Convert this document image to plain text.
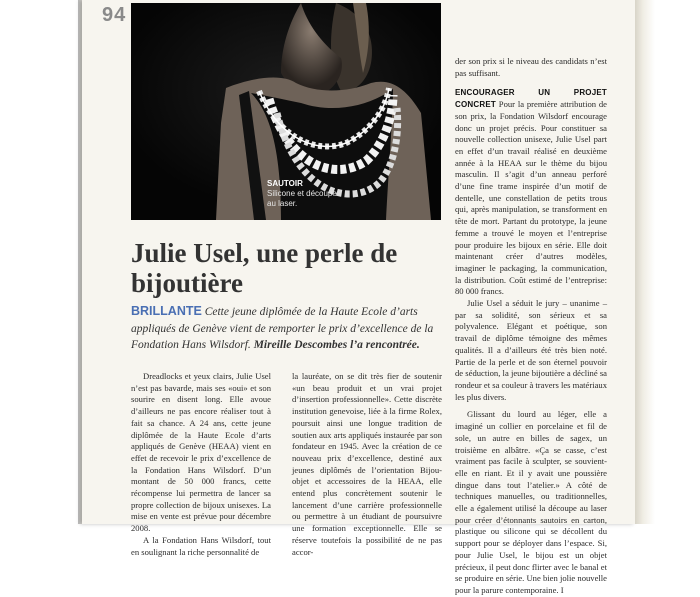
94
SAUTOIR
Silicone et découpe au laser.
Julie Usel, une perle de bijoutière
BRILLANTE Cette jeune diplômée de la Haute Ecole d’arts appliqués de Genève vient de remporter le prix d’excellence de la Fondation Hans Wilsdorf. Mireille Descombes l’a rencontrée.

Dreadlocks et yeux clairs, Julie Usel n’est pas bavarde, mais ses «oui» et son sourire en disent long. Elle avoue d’ailleurs ne pas encore réaliser tout à fait sa chance. A 24 ans, cette jeune diplômée de la Haute Ecole d’arts appliqués de Genève (HEAA) vient en effet de recevoir le prix d’excellence de la Fondation Hans Wilsdorf. D’un montant de 50 000 francs, cette récompense lui permettra de lancer sa propre collection de bijoux unisexes. La mise en vente est prévue pour décembre 2008.

A la Fondation Hans Wilsdorf, tout en soulignant la riche personnalité de

la lauréate, on se dit très fier de soutenir «un beau produit et un vrai projet d’insertion professionnelle». Cette discrète institution genevoise, liée à la firme Rolex, poursuit ainsi une longue tradition de soutien aux arts appliqués instaurée par son fondateur en 1945. Avec la création de ce nouveau prix d’excellence, destiné aux jeunes diplômés de l’orientation Bijou-objet et accessoires de la HEAA, elle entend plus concrètement soutenir le lancement d’une carrière professionnelle ou permettre à un étudiant de poursuivre une formation exceptionnelle. Elle se réserve toutefois la possibilité de ne pas accor-

der son prix si le niveau des candidats n’est pas suffisant.

ENCOURAGER UN PROJET CONCRET Pour la première attribution de son prix, la Fondation Wilsdorf encourage donc un projet précis. Pour constituer sa nouvelle collection unisexe, Julie Usel part en effet d’un travail réalisé en deuxième année à la HEAA sur le thème du bijou masculin. Il s’agit d’un anneau perforé d’une fine trame inspirée d’un motif de dentelle, une constellation de petits trous qui, après manipulation, se transforment en tête de mort. Partant du prototype, la jeune femme a trouvé le moyen et l’entreprise pour produire les bijoux en série. Elle doit maintenant créer d’autres modèles, imaginer le packaging, la communication, la distribution. Coût estimé de l’entreprise: 80 000 francs.

Julie Usel a séduit le jury – unanime – par sa solidité, son sérieux et sa polyvalence. Elégant et poétique, son travail de diplôme témoigne des mêmes qualités. Il a d’ailleurs été très bien noté. Partie de la perle et de son éternel pouvoir de séduction, la jeune bijoutière a décliné sa rondeur et sa couleur à travers les matériaux les plus divers.

Glissant du lourd au léger, elle a imaginé un collier en porcelaine et fil de sole, un autre en billes de sagex, un troisième en albâtre. «Ça se casse, c’est vraiment pas facile à sculpter, se souvient-elle en riant. Et il y avait une poussière dingue dans tout l’atelier.» A côté de techniques manuelles, ou traditionnelles, elle a également utilisé la découpe au laser pour créer d’étonnants sautoirs en carton, plastique ou silicone qui se décollent du support pour se déployer dans l’espace. Si, pour Julie Usel, le bijou est un objet précieux, il peut donc flirter avec le banal et se produire en série. Une bien jolie nouvelle pour la parure contemporaine. I
